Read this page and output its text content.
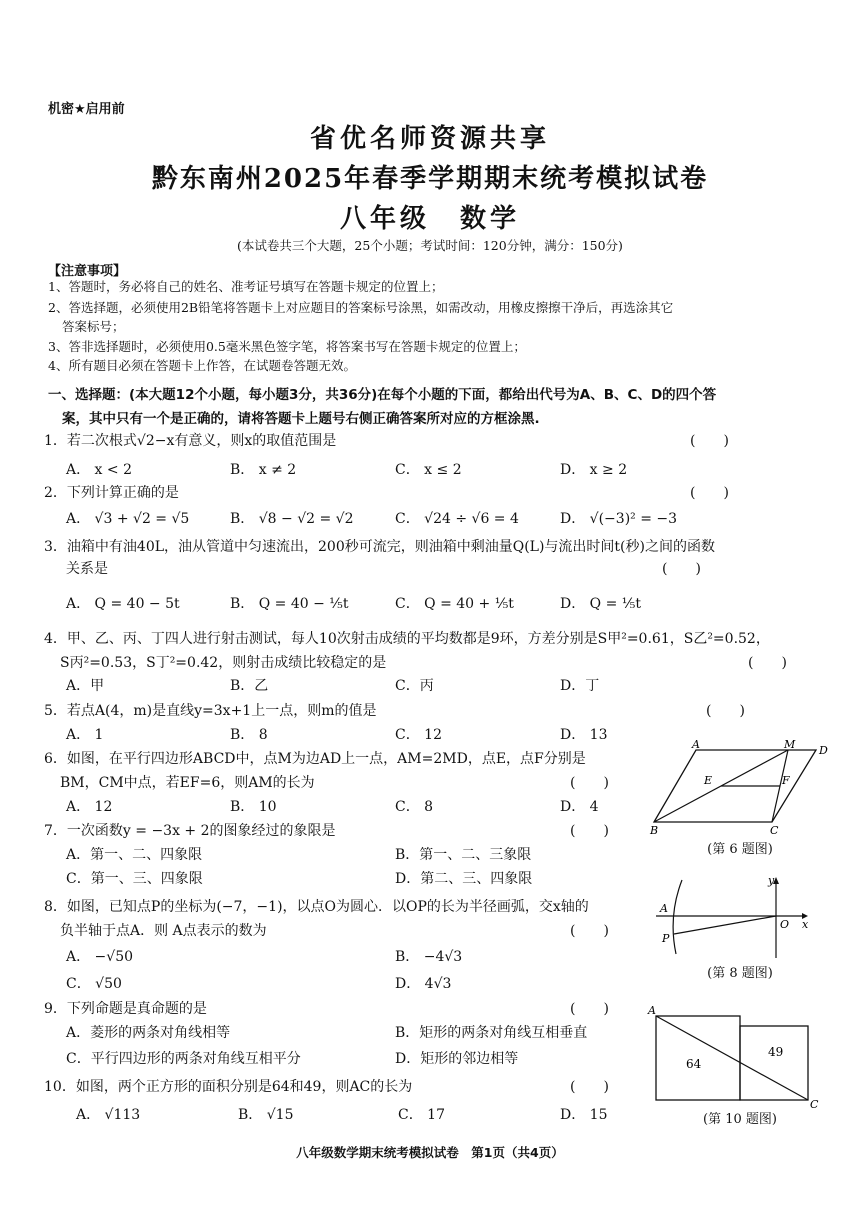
机密★启用前
省优名师资源共享
黔东南州2025年春季学期期末统考模拟试卷
八年级　数学
(本试卷共三个大题，25个小题；考试时间：120分钟，满分：150分)
【注意事项】
1、答题时，务必将自己的姓名、准考证号填写在答题卡规定的位置上；
2、答选择题，必须使用2B铅笔将答题卡上对应题目的答案标号涂黑，如需改动，用橡皮擦擦干净后，再选涂其它
答案标号；
3、答非选择题时，必须使用0.5毫米黑色签字笔，将答案书写在答题卡规定的位置上；
4、所有题目必须在答题卡上作答，在试题卷答题无效。
一、选择题：(本大题12个小题，每小题3分，共36分)在每个小题的下面，都给出代号为A、B、C、D的四个答
案，其中只有一个是正确的，请将答题卡上题号右侧正确答案所对应的方框涂黑.
1．若二次根式√2−x有意义，则x的取值范围是	(　　)
A． x < 2	B． x ≠ 2	C． x ≤ 2	D． x ≥ 2
2．下列计算正确的是	(　　)
A． √3 + √2 = √5	B． √8 − √2 = √2	C． √24 ÷ √6 = 4	D． √(−3)² = −3
3．油箱中有油40L，油从管道中匀速流出，200秒可流完，则油箱中剩油量Q(L)与流出时间t(秒)之间的函数
关系是	(　　)
A． Q = 40 − 5t	B． Q = 40 − ⅕t	C． Q = 40 + ⅕t	D． Q = ⅕t
4．甲、乙、丙、丁四人进行射击测试，每人10次射击成绩的平均数都是9环，方差分别是S甲²=0.61，S乙²=0.52，
S丙²=0.53，S丁²=0.42，则射击成绩比较稳定的是	(　　)
A．甲	B．乙	C．丙	D．丁
5．若点A(4，m)是直线y=3x+1上一点，则m的值是	(　　)
A． 1	B． 8	C． 12	D． 13
6．如图，在平行四边形ABCD中，点M为边AD上一点，AM=2MD，点E，点F分别是
BM，CM中点，若EF=6，则AM的长为	(　　)
A． 12	B． 10	C． 8	D． 4
A	M D
E	F
B	C
(第 6 题图)
7．一次函数y = −3x + 2的图象经过的象限是	(　　)
A．第一、二、四象限	B．第一、二、三象限
C．第一、三、四象限	D．第二、三、四象限
8．如图，已知点P的坐标为(−7，−1)，以点O为圆心．以OP的长为半径画弧，交x轴的
负半轴于点A．则 A点表示的数为	(　　)
A． −√50	B． −4√3
C． √50	D． 4√3
y
A
O x
P
(第 8 题图)
9．下列命题是真命题的是	(　　)
A．菱形的两条对角线相等	B．矩形的两条对角线互相垂直
C．平行四边形的两条对角线互相平分	D．矩形的邻边相等
10．如图，两个正方形的面积分别是64和49，则AC的长为	(　　)
A． √113	B． √15	C． 17	D． 15
A
64
49
C
(第 10 题图)
八年级数学期末统考模拟试卷　第1页（共4页）
